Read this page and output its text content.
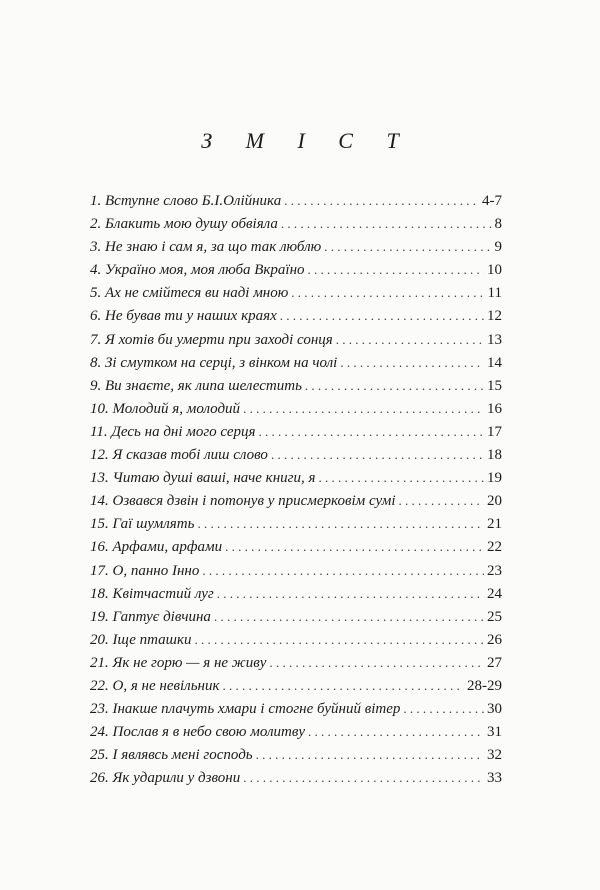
З М І С Т
1. Вступне слово Б.І.Олійника . . .	4-7
2. Блакить мою душу обвіяла . . .	8
3. Не знаю і сам я, за що так люблю . . .	9
4. Україно моя, моя люба Вкраїно . . .	10
5. Ах не смійтеся ви наді мною . . .	11
6. Не бував ти у наших краях . . .	12
7. Я хотів би умерти при заході сонця . . .	13
8. Зі смутком на серці, з вінком на чолі . . .	14
9. Ви знаєте, як липа шелестить . . .	15
10. Молодий я, молодий . . .	16
11. Десь на дні мого серця . . .	17
12. Я сказав тобі лиш слово . . .	18
13. Читаю душі ваші, наче книги, я . . .	19
14. Озвався дзвін і потонув у присмерковім сумі . . .	20
15. Гаї шумлять . . .	21
16. Арфами, арфами . . .	22
17. О, панно Інно . . .	23
18. Квітчастий луг . . .	24
19. Гаптує дівчина . . .	25
20. Іще пташки . . .	26
21. Як не горю — я не живу . . .	27
22. О, я не невільник . . .	28-29
23. Інакше плачуть хмари і стогне буйний вітер . . .	30
24. Послав я в небо свою молитву . . .	31
25. І являвсь мені господь . . .	32
26. Як ударили у дзвони . . .	33
